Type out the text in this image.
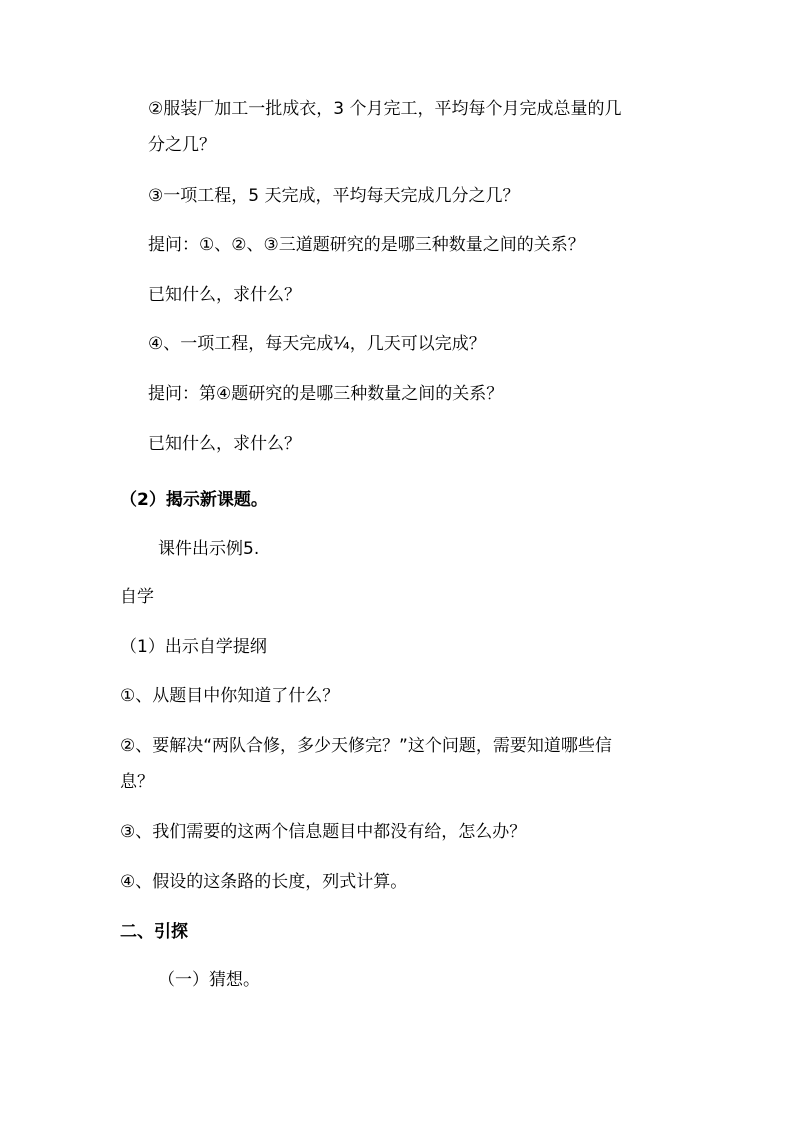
②服装厂加工一批成衣，3 个月完工，平均每个月完成总量的几
分之几？
③一项工程，5 天完成，平均每天完成几分之几？
提问：①、②、③三道题研究的是哪三种数量之间的关系？
已知什么，求什么？
④、一项工程，每天完成¼，几天可以完成？
提问：第④题研究的是哪三种数量之间的关系？
已知什么，求什么？
（2）揭示新课题。
课件出示例5.
自学
（1）出示自学提纲
①、从题目中你知道了什么？
②、要解决“两队合修，多少天修完？”这个问题，需要知道哪些信
息？
③、我们需要的这两个信息题目中都没有给，怎么办？
④、假设的这条路的长度，列式计算。
二、引探
（一）猜想。
